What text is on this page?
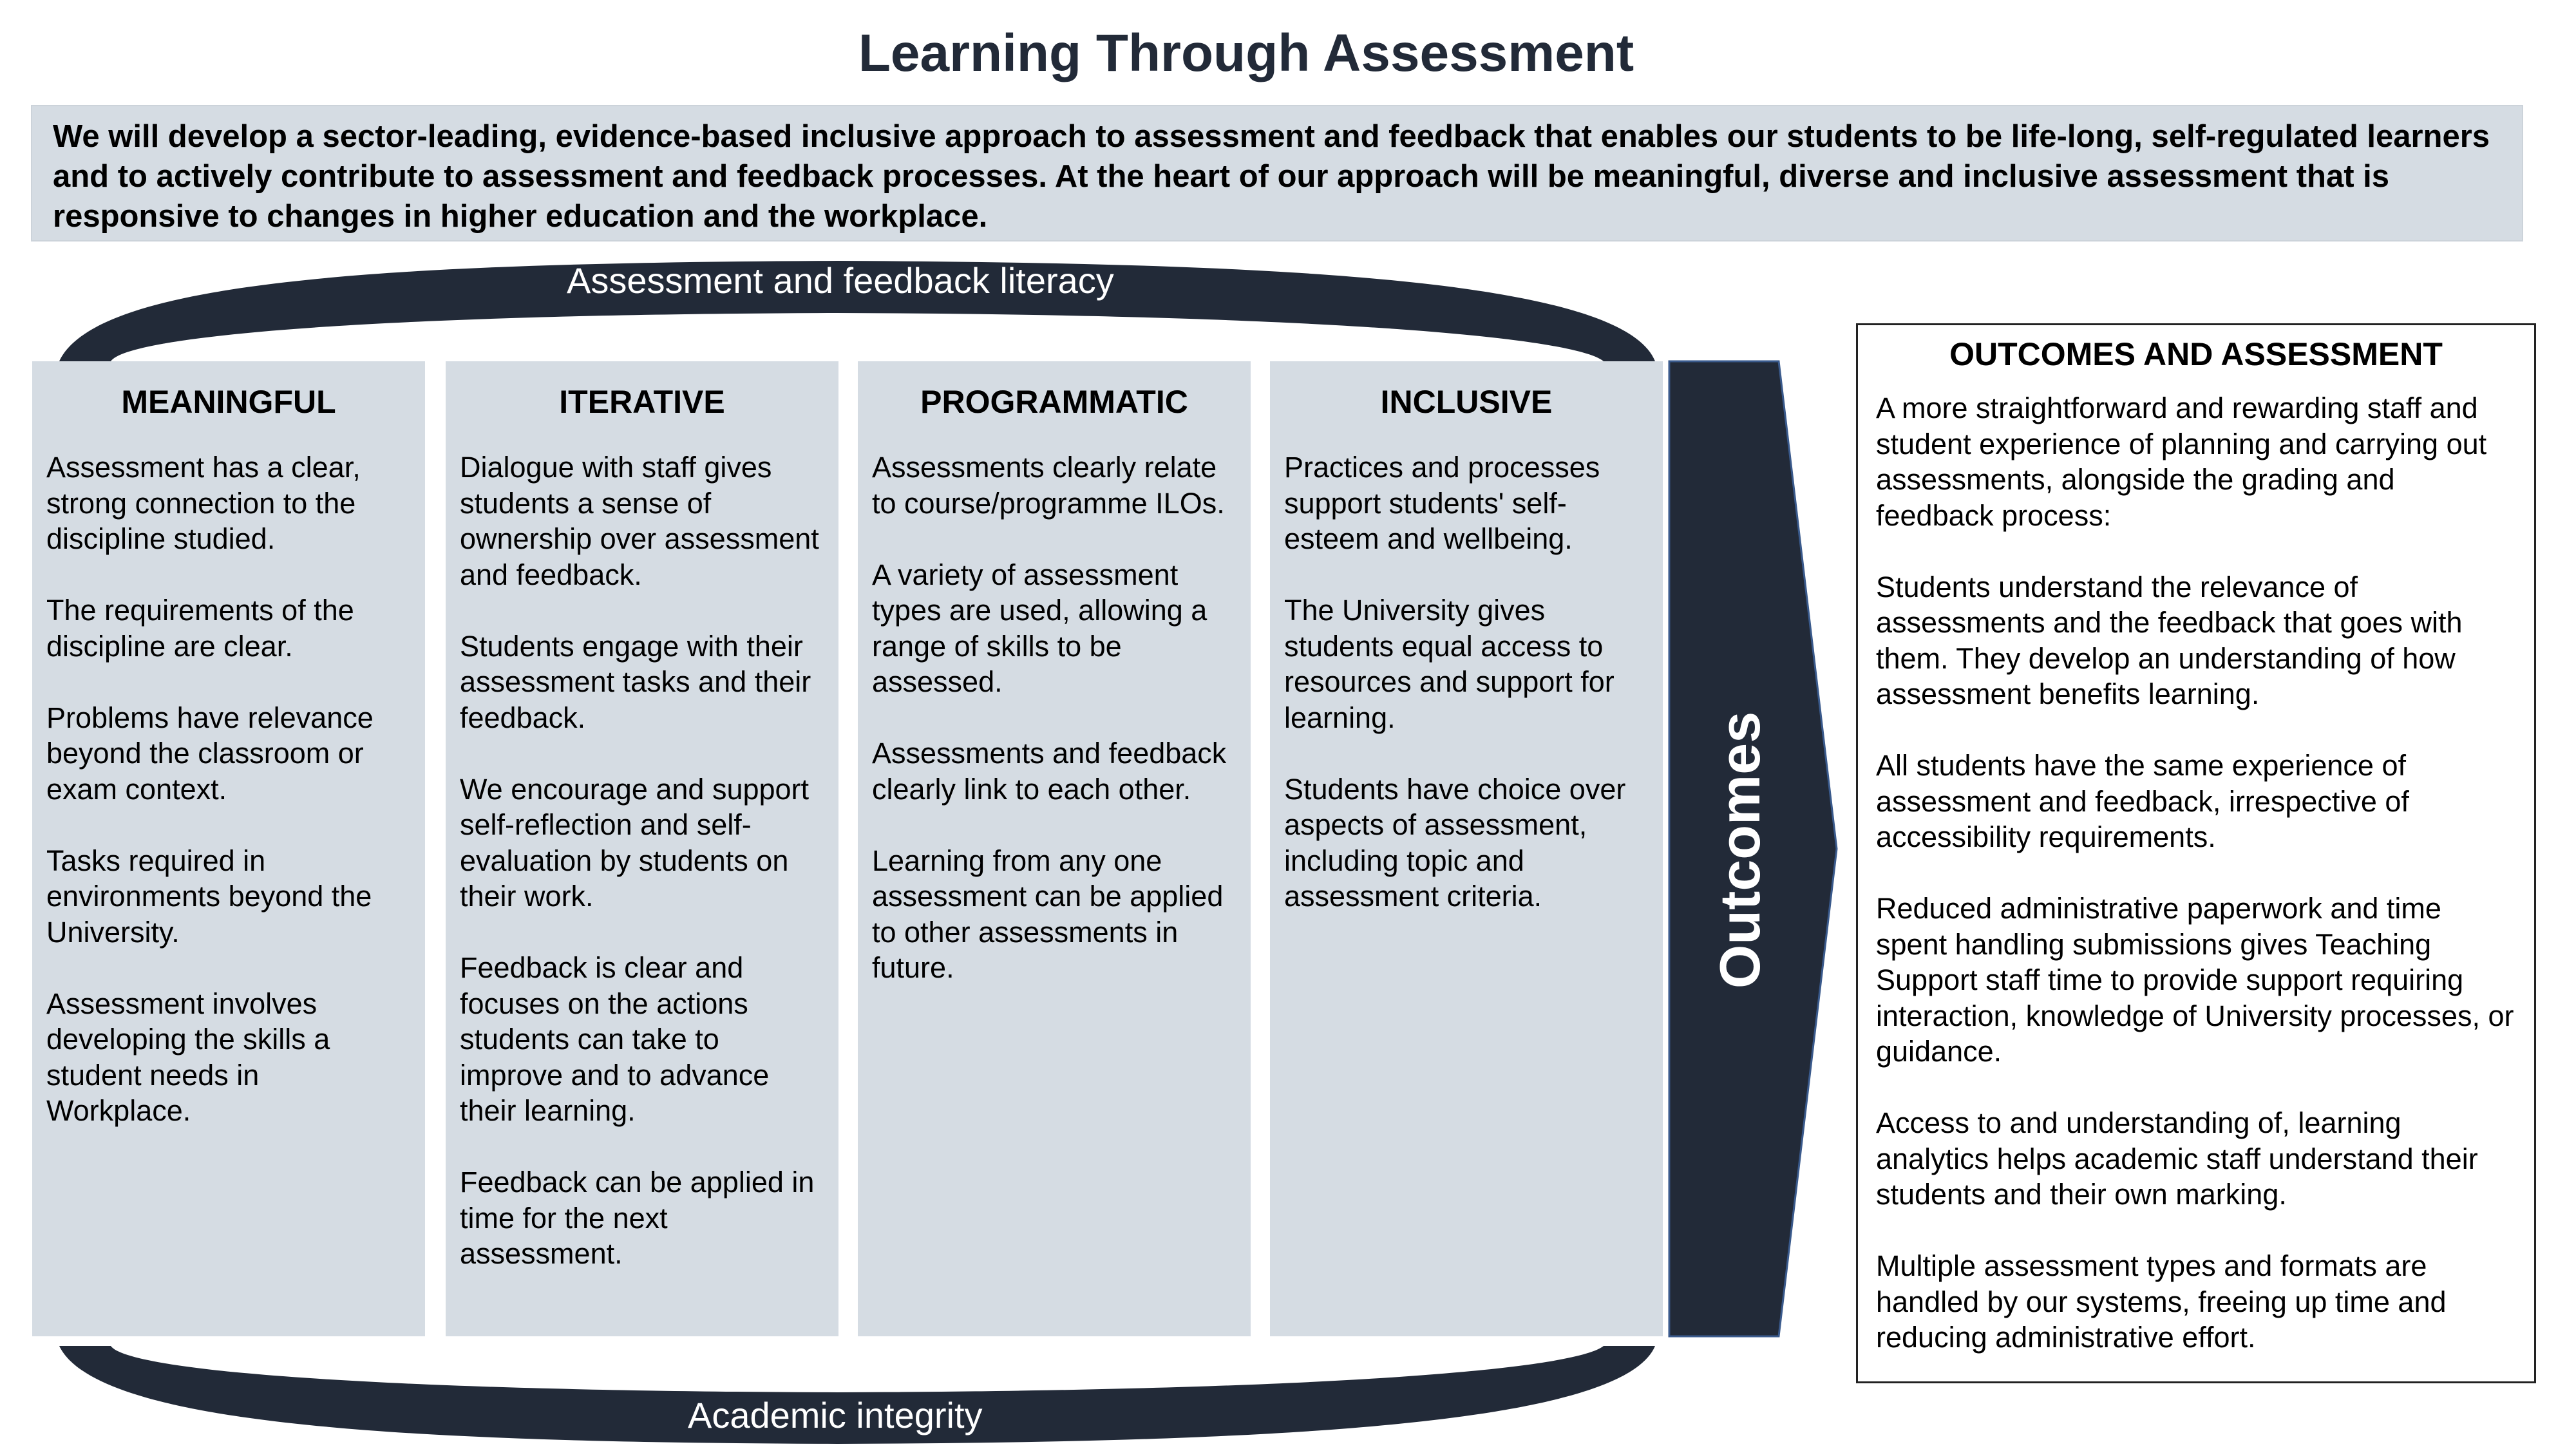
Learning Through Assessment
We will develop a sector-leading, evidence-based inclusive approach to assessment and feedback that enables our students to be life-long, self-regulated learners and to actively contribute to assessment and feedback processes. At the heart of our approach will be meaningful, diverse and inclusive assessment that is responsive to changes in higher education and the workplace.
Assessment and feedback literacy
Academic integrity
MEANINGFUL
Assessment has a clear, strong connection to the discipline studied.
The requirements of the discipline are clear.
Problems have relevance beyond the classroom or exam context.
Tasks required in environments beyond the University.
Assessment involves developing the skills a student needs in Workplace.
ITERATIVE
Dialogue with staff gives students a sense of ownership over assessment and feedback.
Students engage with their assessment tasks and their feedback.
We encourage and support self-reflection and self-evaluation by students on their work.
Feedback is clear and focuses on the actions students can take to improve and to advance their learning.
Feedback can be applied in time for the next assessment.
PROGRAMMATIC
Assessments clearly relate to course/programme ILOs.
A variety of assessment types are used, allowing a range of skills to be assessed.
Assessments and feedback clearly link to each other.
Learning from any one assessment can be applied to other assessments in future.
INCLUSIVE
Practices and processes support students' self-esteem and wellbeing.
The University gives students equal access to resources and support for learning.
Students have choice over aspects of assessment, including topic and assessment criteria.	Outcomes
OUTCOMES AND ASSESSMENT

A more straightforward and rewarding staff and student experience of planning and carrying out assessments, alongside the grading and feedback process:

Students understand the relevance of assessments and the feedback that goes with them. They develop an understanding of how assessment benefits learning.

All students have the same experience of assessment and feedback, irrespective of accessibility requirements.

Reduced administrative paperwork and time spent handling submissions gives Teaching Support staff time to provide support requiring interaction, knowledge of University processes, or guidance.

Access to and understanding of, learning analytics helps academic staff understand their students and their own marking.

Multiple assessment types and formats are handled by our systems, freeing up time and reducing administrative effort.
